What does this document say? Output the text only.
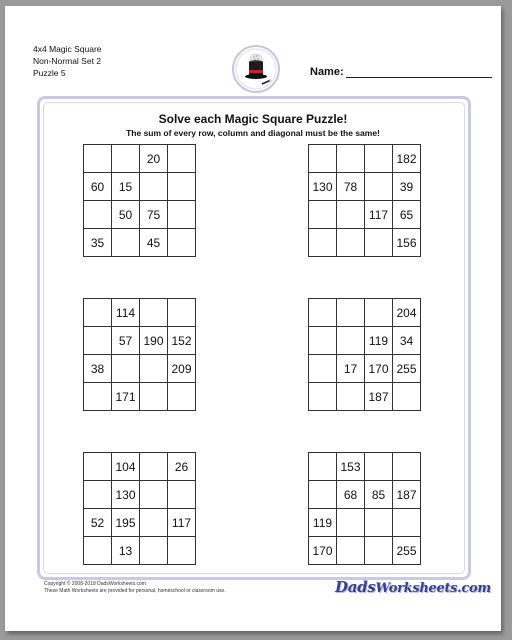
4x4 Magic Square
Non-Normal Set 2
Puzzle 5	Name:
Solve each Magic Square Puzzle!
The sum of every row, column and diagonal must be the same!
		20	
60	15		
	50	75	
35		45	
			182
130	78		39
		117	65
			156
	114		
	57	190	152
38			209
	171		
			204
		119	34
	17	170	255
		187	
	104		26
	130		
52	195		117
	13		
	153		
	68	85	187
119			
170			255
Copyright © 2008-2018 DadsWorksheets.com
These Math Worksheets are provided for personal, homeschool or classroom use.	DadsWorksheets.com
